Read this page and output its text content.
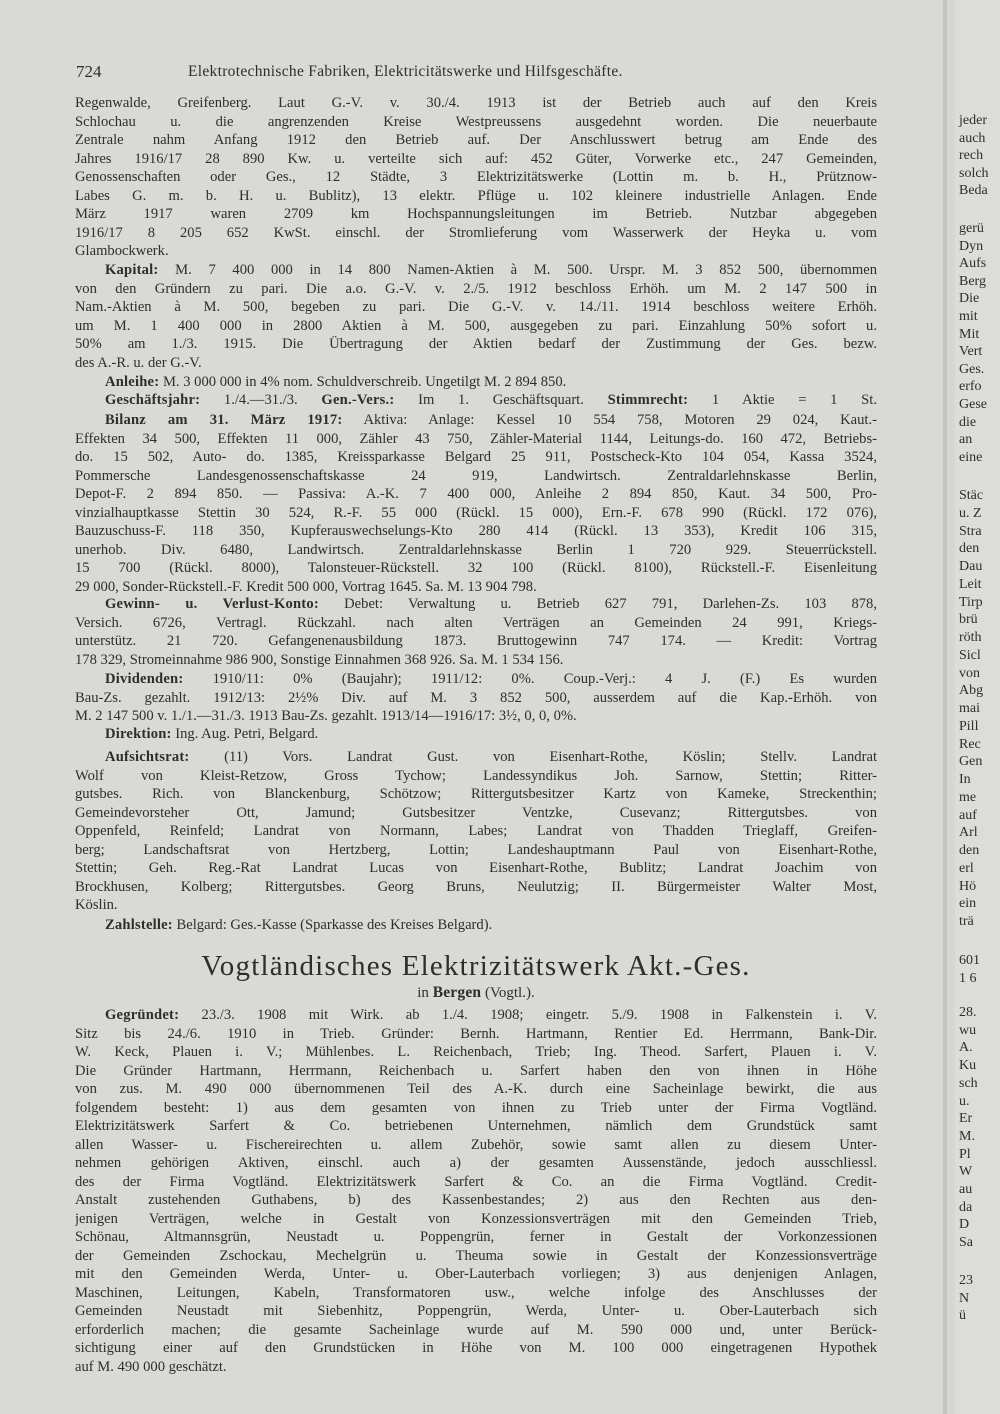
724	Elektrotechnische Fabriken, Elektricitätswerke und Hilfsgeschäfte.
Regenwalde, Greifenberg. Laut G.-V. v. 30./4. 1913 ist der Betrieb auch auf den Kreis
Schlochau u. die angrenzenden Kreise Westpreussens ausgedehnt worden. Die neuerbaute
Zentrale nahm Anfang 1912 den Betrieb auf. Der Anschlusswert betrug am Ende des
Jahres 1916/17 28 890 Kw. u. verteilte sich auf: 452 Güter, Vorwerke etc., 247 Gemeinden,
Genossenschaften oder Ges., 12 Städte, 3 Elektrizitätswerke (Lottin m. b. H., Prütznow-
Labes G. m. b. H. u. Bublitz), 13 elektr. Pflüge u. 102 kleinere industrielle Anlagen. Ende
März 1917 waren 2709 km Hochspannungsleitungen im Betrieb. Nutzbar abgegeben
1916/17 8 205 652 KwSt. einschl. der Stromlieferung vom Wasserwerk der Heyka u. vom
Glambockwerk.
Kapital: M. 7 400 000 in 14 800 Namen-Aktien à M. 500. Urspr. M. 3 852 500, übernommen
von den Gründern zu pari. Die a.o. G.-V. v. 2./5. 1912 beschloss Erhöh. um M. 2 147 500 in
Nam.-Aktien à M. 500, begeben zu pari. Die G.-V. v. 14./11. 1914 beschloss weitere Erhöh.
um M. 1 400 000 in 2800 Aktien à M. 500, ausgegeben zu pari. Einzahlung 50% sofort u.
50% am 1./3. 1915. Die Übertragung der Aktien bedarf der Zustimmung der Ges. bezw.
des A.-R. u. der G.-V.
Anleihe: M. 3 000 000 in 4% nom. Schuldverschreib. Ungetilgt M. 2 894 850.
Geschäftsjahr: 1./4.—31./3. Gen.-Vers.: Im 1. Geschäftsquart. Stimmrecht: 1 Aktie = 1 St.
Bilanz am 31. März 1917: Aktiva: Anlage: Kessel 10 554 758, Motoren 29 024, Kaut.-
Effekten 34 500, Effekten 11 000, Zähler 43 750, Zähler-Material 1144, Leitungs-do. 160 472, Betriebs-
do. 15 502, Auto- do. 1385, Kreissparkasse Belgard 25 911, Postscheck-Kto 104 054, Kassa 3524,
Pommersche Landesgenossenschaftskasse 24 919, Landwirtsch. Zentraldarlehnskasse Berlin,
Depot-F. 2 894 850. — Passiva: A.-K. 7 400 000, Anleihe 2 894 850, Kaut. 34 500, Pro-
vinzialhauptkasse Stettin 30 524, R.-F. 55 000 (Rückl. 15 000), Ern.-F. 678 990 (Rückl. 172 076),
Bauzuschuss-F. 118 350, Kupferauswechselungs-Kto 280 414 (Rückl. 13 353), Kredit 106 315,
unerhob. Div. 6480, Landwirtsch. Zentraldarlehnskasse Berlin 1 720 929. Steuerrückstell.
15 700 (Rückl. 8000), Talonsteuer-Rückstell. 32 100 (Rückl. 8100), Rückstell.-F. Eisenleitung
29 000, Sonder-Rückstell.-F. Kredit 500 000, Vortrag 1645. Sa. M. 13 904 798.
Gewinn- u. Verlust-Konto: Debet: Verwaltung u. Betrieb 627 791, Darlehen-Zs. 103 878,
Versich. 6726, Vertragl. Rückzahl. nach alten Verträgen an Gemeinden 24 991, Kriegs-
unterstütz. 21 720. Gefangenenausbildung 1873. Bruttogewinn 747 174. — Kredit: Vortrag
178 329, Stromeinnahme 986 900, Sonstige Einnahmen 368 926. Sa. M. 1 534 156.
Dividenden: 1910/11: 0% (Baujahr); 1911/12: 0%. Coup.-Verj.: 4 J. (F.) Es wurden
Bau-Zs. gezahlt. 1912/13: 2½% Div. auf M. 3 852 500, ausserdem auf die Kap.-Erhöh. von
M. 2 147 500 v. 1./1.—31./3. 1913 Bau-Zs. gezahlt. 1913/14—1916/17: 3½, 0, 0, 0%.
Direktion: Ing. Aug. Petri, Belgard.
Aufsichtsrat: (11) Vors. Landrat Gust. von Eisenhart-Rothe, Köslin; Stellv. Landrat
Wolf von Kleist-Retzow, Gross Tychow; Landessyndikus Joh. Sarnow, Stettin; Ritter-
gutsbes. Rich. von Blanckenburg, Schötzow; Rittergutsbesitzer Kartz von Kameke, Streckenthin;
Gemeindevorsteher Ott, Jamund; Gutsbesitzer Ventzke, Cusevanz; Rittergutsbes. von
Oppenfeld, Reinfeld; Landrat von Normann, Labes; Landrat von Thadden Trieglaff, Greifen-
berg; Landschaftsrat von Hertzberg, Lottin; Landeshauptmann Paul von Eisenhart-Rothe,
Stettin; Geh. Reg.-Rat Landrat Lucas von Eisenhart-Rothe, Bublitz; Landrat Joachim von
Brockhusen, Kolberg; Rittergutsbes. Georg Bruns, Neulutzig; II. Bürgermeister Walter Most,
Köslin.
Zahlstelle: Belgard: Ges.-Kasse (Sparkasse des Kreises Belgard).
Gegründet: 23./3. 1908 mit Wirk. ab 1./4. 1908; eingetr. 5./9. 1908 in Falkenstein i. V.
Sitz bis 24./6. 1910 in Trieb. Gründer: Bernh. Hartmann, Rentier Ed. Herrmann, Bank-Dir.
W. Keck, Plauen i. V.; Mühlenbes. L. Reichenbach, Trieb; Ing. Theod. Sarfert, Plauen i. V.
Die Gründer Hartmann, Herrmann, Reichenbach u. Sarfert haben den von ihnen in Höhe
von zus. M. 490 000 übernommenen Teil des A.-K. durch eine Sacheinlage bewirkt, die aus
folgendem besteht: 1) aus dem gesamten von ihnen zu Trieb unter der Firma Vogtländ.
Elektrizitätswerk Sarfert & Co. betriebenen Unternehmen, nämlich dem Grundstück samt
allen Wasser- u. Fischereirechten u. allem Zubehör, sowie samt allen zu diesem Unter-
nehmen gehörigen Aktiven, einschl. auch a) der gesamten Aussenstände, jedoch ausschliessl.
des der Firma Vogtländ. Elektrizitätswerk Sarfert & Co. an die Firma Vogtländ. Credit-
Anstalt zustehenden Guthabens, b) des Kassenbestandes; 2) aus den Rechten aus den-
jenigen Verträgen, welche in Gestalt von Konzessionsverträgen mit den Gemeinden Trieb,
Schönau, Altmannsgrün, Neustadt u. Poppengrün, ferner in Gestalt der Vorkonzessionen
der Gemeinden Zschockau, Mechelgrün u. Theuma sowie in Gestalt der Konzessionsverträge
mit den Gemeinden Werda, Unter- u. Ober-Lauterbach vorliegen; 3) aus denjenigen Anlagen,
Maschinen, Leitungen, Kabeln, Transformatoren usw., welche infolge des Anschlusses der
Gemeinden Neustadt mit Siebenhitz, Poppengrün, Werda, Unter- u. Ober-Lauterbach sich
erforderlich machen; die gesamte Sacheinlage wurde auf M. 590 000 und, unter Berück-
sichtigung einer auf den Grundstücken in Höhe von M. 100 000 eingetragenen Hypothek
auf M. 490 000 geschätzt.
Vogtländisches Elektrizitätswerk Akt.-Ges.
in Bergen (Vogtl.).
jeder
auch
rech
solch
Beda
gerü
Dyn
Aufs
Berg
Die
mit
Mit
Vert
Ges.
erfo
Gese
die
an
eine
Stäc
u. Z
Stra
den
Dau
Leit
Tirp
brü
röth
Sicl
von
Abg
mai
Pill
Rec
Gen
In
me
auf
Arl
den
erl
Hö
ein
trä
601
1 6
28.
wu
A.
Ku
sch
u.
Er
M.
Pl
W
au
da
D
Sa
23
N
ü
